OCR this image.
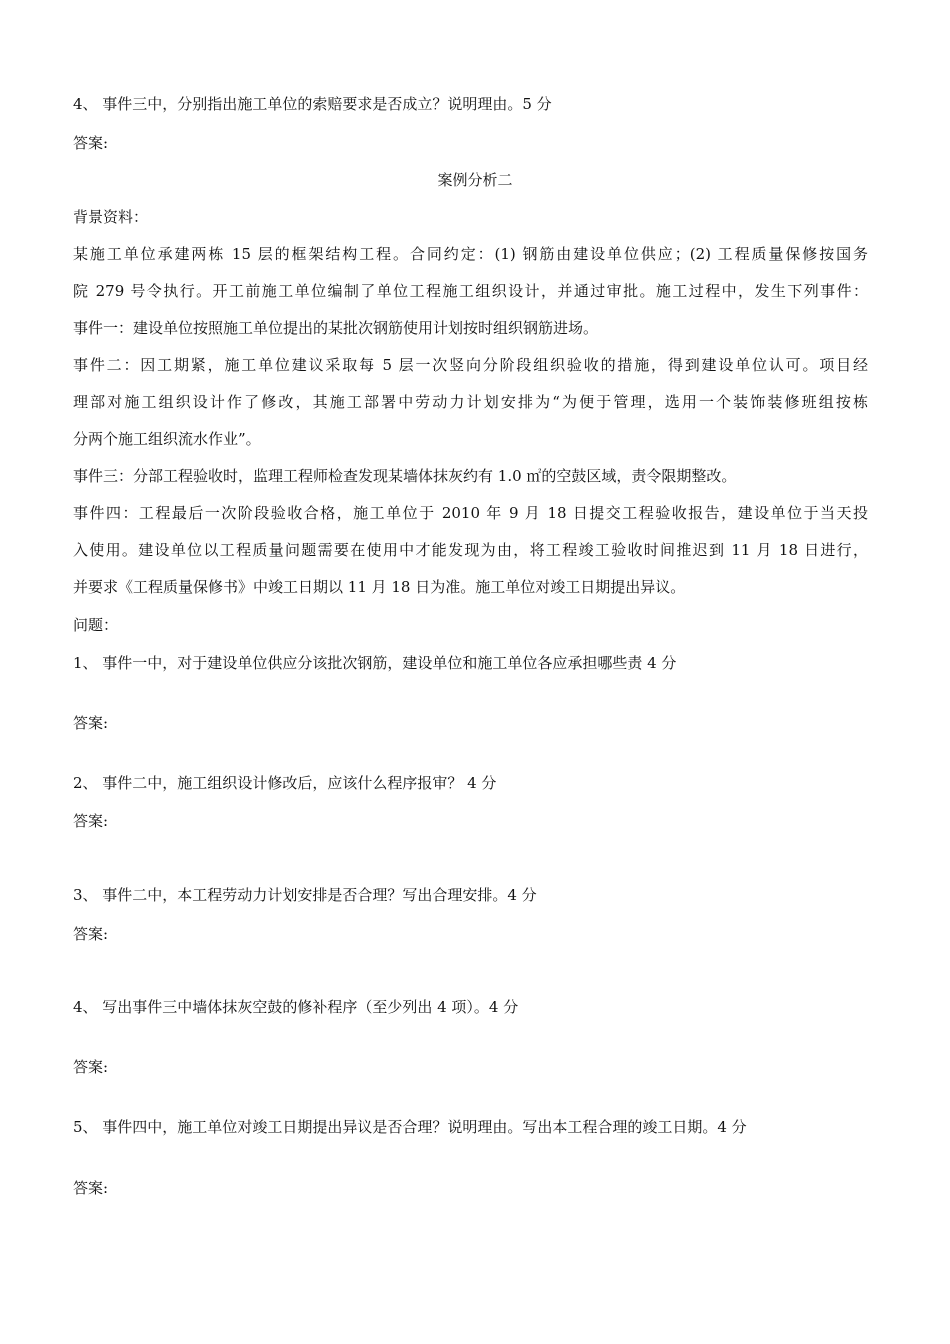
4、 事件三中，分别指出施工单位的索赔要求是否成立？说明理由。5 分
答案:
案例分析二
背景资料：
某施工单位承建两栋 15 层的框架结构工程。合同约定：(1) 钢筋由建设单位供应；(2) 工程质量保修按国务
院 279 号令执行。开工前施工单位编制了单位工程施工组织设计，并通过审批。施工过程中，发生下列事件：
事件一：建设单位按照施工单位提出的某批次钢筋使用计划按时组织钢筋进场。
事件二：因工期紧，施工单位建议采取每 5 层一次竖向分阶段组织验收的措施，得到建设单位认可。项目经
理部对施工组织设计作了修改，其施工部署中劳动力计划安排为“为便于管理，选用一个装饰装修班组按栋
分两个施工组织流水作业”。
事件三：分部工程验收时，监理工程师检查发现某墙体抹灰约有 1.0 ㎡的空鼓区域，责令限期整改。
事件四：工程最后一次阶段验收合格，施工单位于 2010 年 9 月 18 日提交工程验收报告，建设单位于当天投
入使用。建设单位以工程质量问题需要在使用中才能发现为由，将工程竣工验收时间推迟到 11 月 18 日进行，
并要求《工程质量保修书》中竣工日期以 11 月 18 日为准。施工单位对竣工日期提出异议。
问题：
1、 事件一中，对于建设单位供应分该批次钢筋，建设单位和施工单位各应承担哪些责 4 分
答案:
2、 事件二中，施工组织设计修改后，应该什么程序报审？ 4 分
答案:
3、 事件二中，本工程劳动力计划安排是否合理？写出合理安排。4 分
答案:
4、 写出事件三中墙体抹灰空鼓的修补程序（至少列出 4 项）。4 分
答案:
5、 事件四中，施工单位对竣工日期提出异议是否合理？说明理由。写出本工程合理的竣工日期。4 分
答案:
